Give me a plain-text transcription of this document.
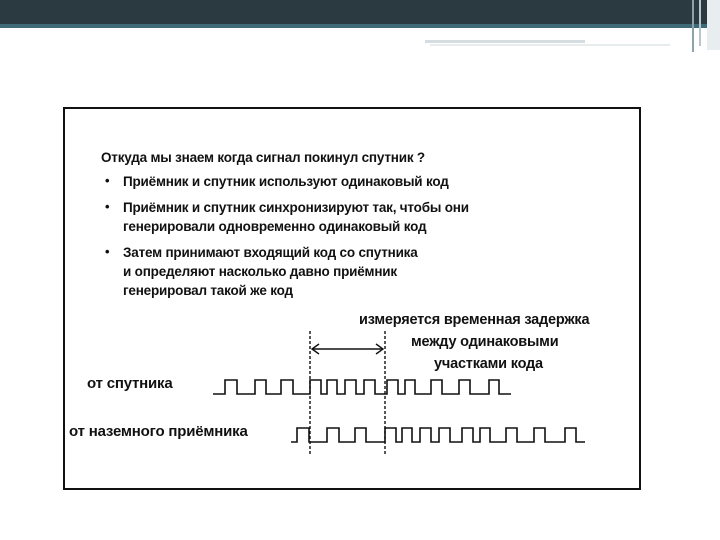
Откуда мы знаем когда сигнал покинул спутник ?
• Приёмник и спутник используют одинаковый код
• Приёмник и спутник синхронизируют так, чтобы они
генерировали одновременно одинаковый код
• Затем принимают входящий код со спутника
и определяют насколько давно приёмник
генерировал такой же код
измеряется временная задержка
между одинаковыми
участками кода
от спутника
от наземного приёмника
